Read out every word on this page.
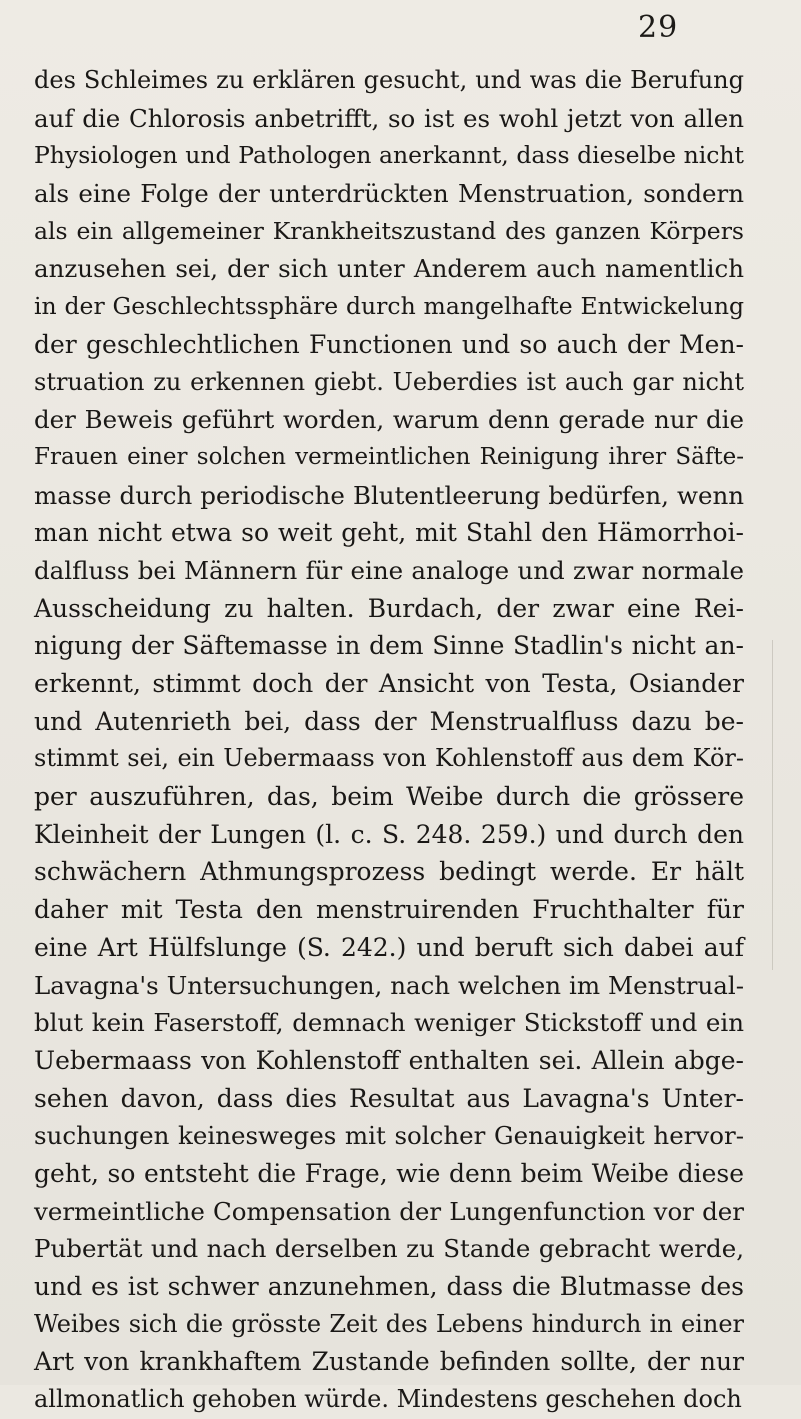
29
des Schleimes zu erklären gesucht, und was die Berufung
auf die Chlorosis anbetrifft, so ist es wohl jetzt von allen
Physiologen und Pathologen anerkannt, dass dieselbe nicht
als eine Folge der unterdrückten Menstruation, sondern
als ein allgemeiner Krankheitszustand des ganzen Körpers
anzusehen sei, der sich unter Anderem auch namentlich
in der Geschlechtssphäre durch mangelhafte Entwickelung
der geschlechtlichen Functionen und so auch der Men-
struation zu erkennen giebt. Ueberdies ist auch gar nicht
der Beweis geführt worden, warum denn gerade nur die
Frauen einer solchen vermeintlichen Reinigung ihrer Säfte-
masse durch periodische Blutentleerung bedürfen, wenn
man nicht etwa so weit geht, mit Stahl den Hämorrhoi-
dalfluss bei Männern für eine analoge und zwar normale
Ausscheidung zu halten. Burdach, der zwar eine Rei-
nigung der Säftemasse in dem Sinne Stadlin's nicht an-
erkennt, stimmt doch der Ansicht von Testa, Osiander
und Autenrieth bei, dass der Menstrualfluss dazu be-
stimmt sei, ein Uebermaass von Kohlenstoff aus dem Kör-
per auszuführen, das, beim Weibe durch die grössere
Kleinheit der Lungen (l. c. S. 248. 259.) und durch den
schwächern Athmungsprozess bedingt werde. Er hält
daher mit Testa den menstruirenden Fruchthalter für
eine Art Hülfslunge (S. 242.) und beruft sich dabei auf
Lavagna's Untersuchungen, nach welchen im Menstrual-
blut kein Faserstoff, demnach weniger Stickstoff und ein
Uebermaass von Kohlenstoff enthalten sei. Allein abge-
sehen davon, dass dies Resultat aus Lavagna's Unter-
suchungen keinesweges mit solcher Genauigkeit hervor-
geht, so entsteht die Frage, wie denn beim Weibe diese
vermeintliche Compensation der Lungenfunction vor der
Pubertät und nach derselben zu Stande gebracht werde,
und es ist schwer anzunehmen, dass die Blutmasse des
Weibes sich die grösste Zeit des Lebens hindurch in einer
Art von krankhaftem Zustande befinden sollte, der nur
allmonatlich gehoben würde. Mindestens geschehen doch
